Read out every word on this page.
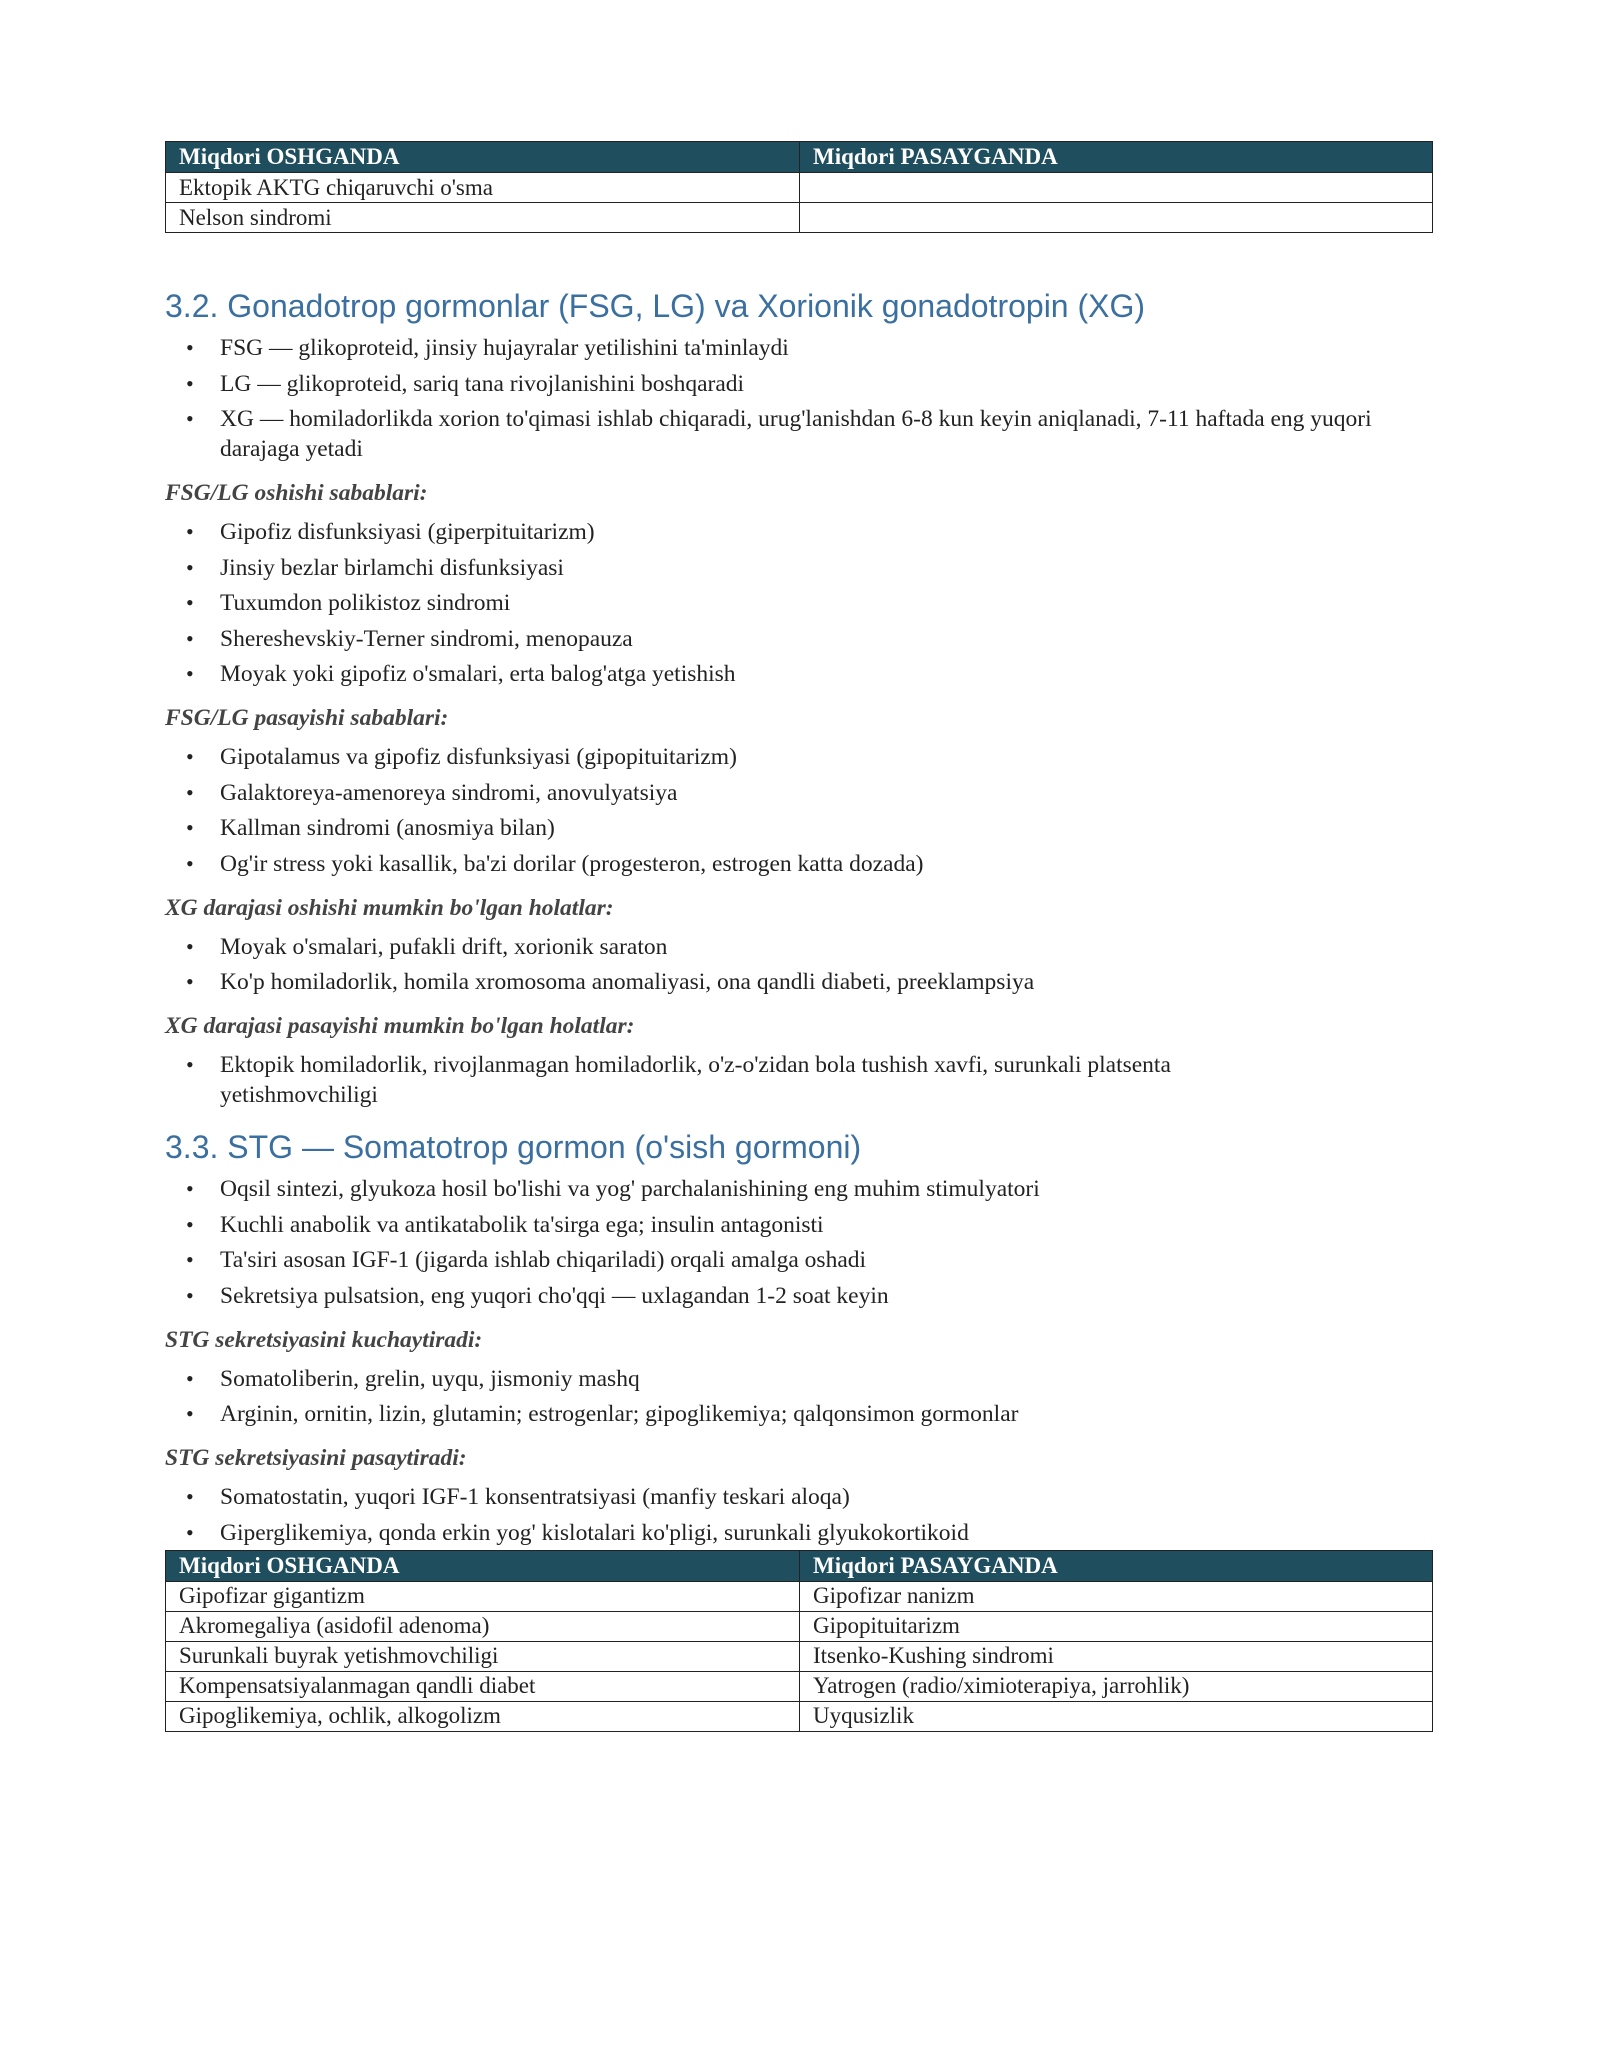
Miqdori OSHGANDA	Miqdori PASAYGANDA
Ektopik AKTG chiqaruvchi o'sma	
Nelson sindromi	
3.2. Gonadotrop gormonlar (FSG, LG) va Xorionik gonadotropin (XG)
• FSG — glikoproteid, jinsiy hujayralar yetilishini ta'minlaydi
• LG — glikoproteid, sariq tana rivojlanishini boshqaradi
• XG — homiladorlikda xorion to'qimasi ishlab chiqaradi, urug'lanishdan 6-8 kun keyin aniqlanadi, 7-11 haftada eng yuqori darajaga yetadi

FSG/LG oshishi sabablari:

• Gipofiz disfunksiyasi (giperpituitarizm)
• Jinsiy bezlar birlamchi disfunksiyasi
• Tuxumdon polikistoz sindromi
• Shereshevskiy-Terner sindromi, menopauza
• Moyak yoki gipofiz o'smalari, erta balog'atga yetishish

FSG/LG pasayishi sabablari:

• Gipotalamus va gipofiz disfunksiyasi (gipopituitarizm)
• Galaktoreya-amenoreya sindromi, anovulyatsiya
• Kallman sindromi (anosmiya bilan)
• Og'ir stress yoki kasallik, ba'zi dorilar (progesteron, estrogen katta dozada)

XG darajasi oshishi mumkin bo'lgan holatlar:

• Moyak o'smalari, pufakli drift, xorionik saraton
• Ko'p homiladorlik, homila xromosoma anomaliyasi, ona qandli diabeti, preeklampsiya

XG darajasi pasayishi mumkin bo'lgan holatlar:

• Ektopik homiladorlik, rivojlanmagan homiladorlik, o'z-o'zidan bola tushish xavfi, surunkali platsenta yetishmovchiligi
3.3. STG — Somatotrop gormon (o'sish gormoni)
• Oqsil sintezi, glyukoza hosil bo'lishi va yog' parchalanishining eng muhim stimulyatori
• Kuchli anabolik va antikatabolik ta'sirga ega; insulin antagonisti
• Ta'siri asosan IGF-1 (jigarda ishlab chiqariladi) orqali amalga oshadi
• Sekretsiya pulsatsion, eng yuqori cho'qqi — uxlagandan 1-2 soat keyin

STG sekretsiyasini kuchaytiradi:

• Somatoliberin, grelin, uyqu, jismoniy mashq
• Arginin, ornitin, lizin, glutamin; estrogenlar; gipoglikemiya; qalqonsimon gormonlar

STG sekretsiyasini pasaytiradi:

• Somatostatin, yuqori IGF-1 konsentratsiyasi (manfiy teskari aloqa)
• Giperglikemiya, qonda erkin yog' kislotalari ko'pligi, surunkali glyukokortikoid
Miqdori OSHGANDA	Miqdori PASAYGANDA
Gipofizar gigantizm	Gipofizar nanizm
Akromegaliya (asidofil adenoma)	Gipopituitarizm
Surunkali buyrak yetishmovchiligi	Itsenko-Kushing sindromi
Kompensatsiyalanmagan qandli diabet	Yatrogen (radio/ximioterapiya, jarrohlik)
Gipoglikemiya, ochlik, alkogolizm	Uyqusizlik
